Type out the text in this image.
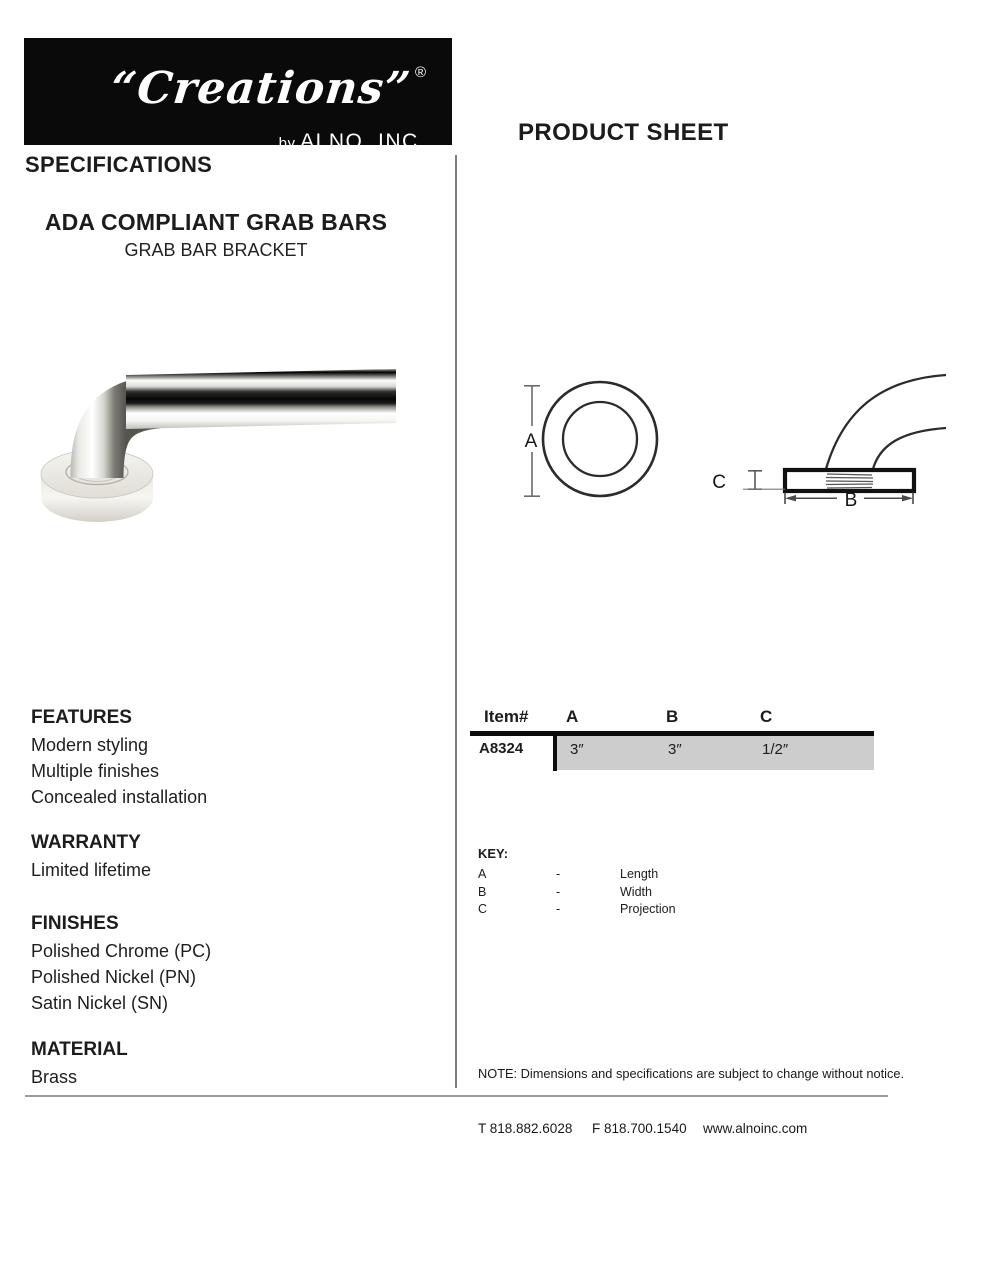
“Creations”®
by ALNO, INC.	PRODUCT SHEET
SPECIFICATIONS
ADA COMPLIANT GRAB BARS
GRAB BAR BRACKET
A
C
B
Item# A	B	C
A8324	3″	3″	1/2″
KEY:
A	-	Length
B	-	Width
C	-	Projection
FEATURES
Modern styling
Multiple finishes
Concealed installation
WARRANTY
Limited lifetime
FINISHES
Polished Chrome (PC)
Polished Nickel (PN)
Satin Nickel (SN)
MATERIAL
Brass	NOTE: Dimensions and specifications are subject to change without notice.
T 818.882.6028 F 818.700.1540 www.alnoinc.com
